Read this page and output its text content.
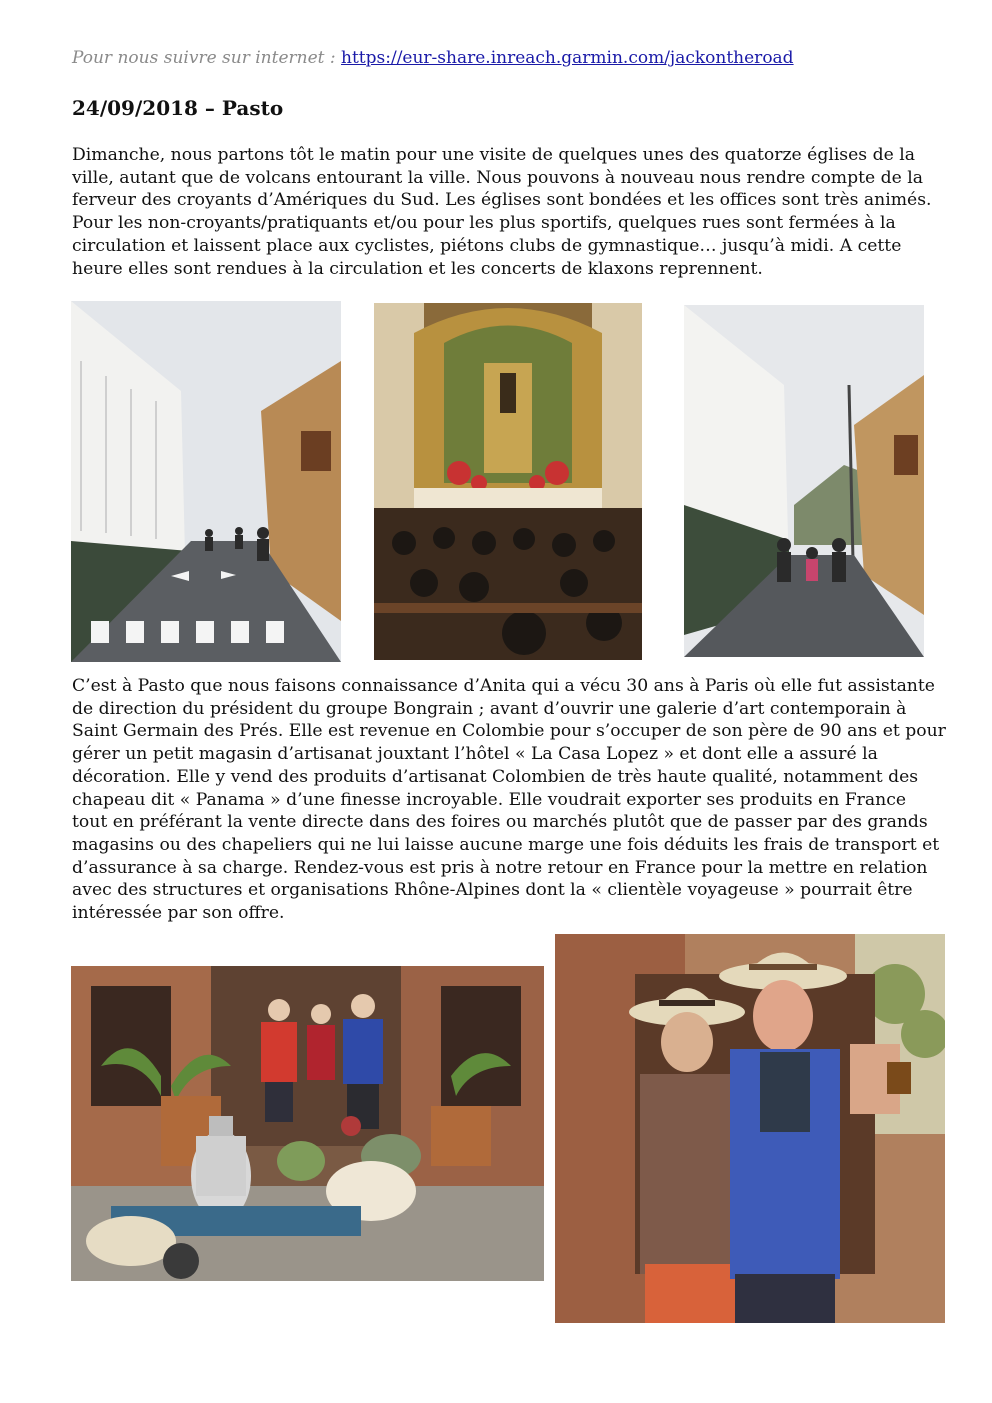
Pour nous suivre sur internet : https://eur-share.inreach.garmin.com/jackontheroad
24/09/2018 – Pasto

Dimanche, nous partons tôt le matin pour une visite de quelques unes des quatorze églises de la
ville, autant que de volcans entourant la ville. Nous pouvons à nouveau nous rendre compte de la
ferveur des croyants d’Amériques du Sud. Les églises sont bondées et les offices sont très animés.
Pour les non-croyants/pratiquants et/ou pour les plus sportifs, quelques rues sont fermées à la
circulation et laissent place aux cyclistes, piétons clubs de gymnastique… jusqu’à midi. A cette
heure elles sont rendues à la circulation et les concerts de klaxons reprennent.

C’est à Pasto que nous faisons connaissance d’Anita qui a vécu 30 ans à Paris où elle fut assistante
de direction du président du groupe Bongrain ; avant d’ouvrir une galerie d’art contemporain à
Saint Germain des Prés. Elle est revenue en Colombie pour s’occuper de son père de 90 ans et pour
gérer un petit magasin d’artisanat jouxtant l’hôtel « La Casa Lopez » et dont elle a assuré la
décoration. Elle y vend des produits d’artisanat Colombien de très haute qualité, notamment des
chapeau dit « Panama » d’une finesse incroyable. Elle voudrait exporter ses produits en France
tout en préférant la vente directe dans des foires ou marchés plutôt que de passer par des grands
magasins ou des chapeliers qui ne lui laisse aucune marge une fois déduits les frais de transport et
d’assurance à sa charge. Rendez-vous est pris à notre retour en France pour la mettre en relation
avec des structures et organisations Rhône-Alpines dont la « clientèle voyageuse » pourrait être
intéressée par son offre.
